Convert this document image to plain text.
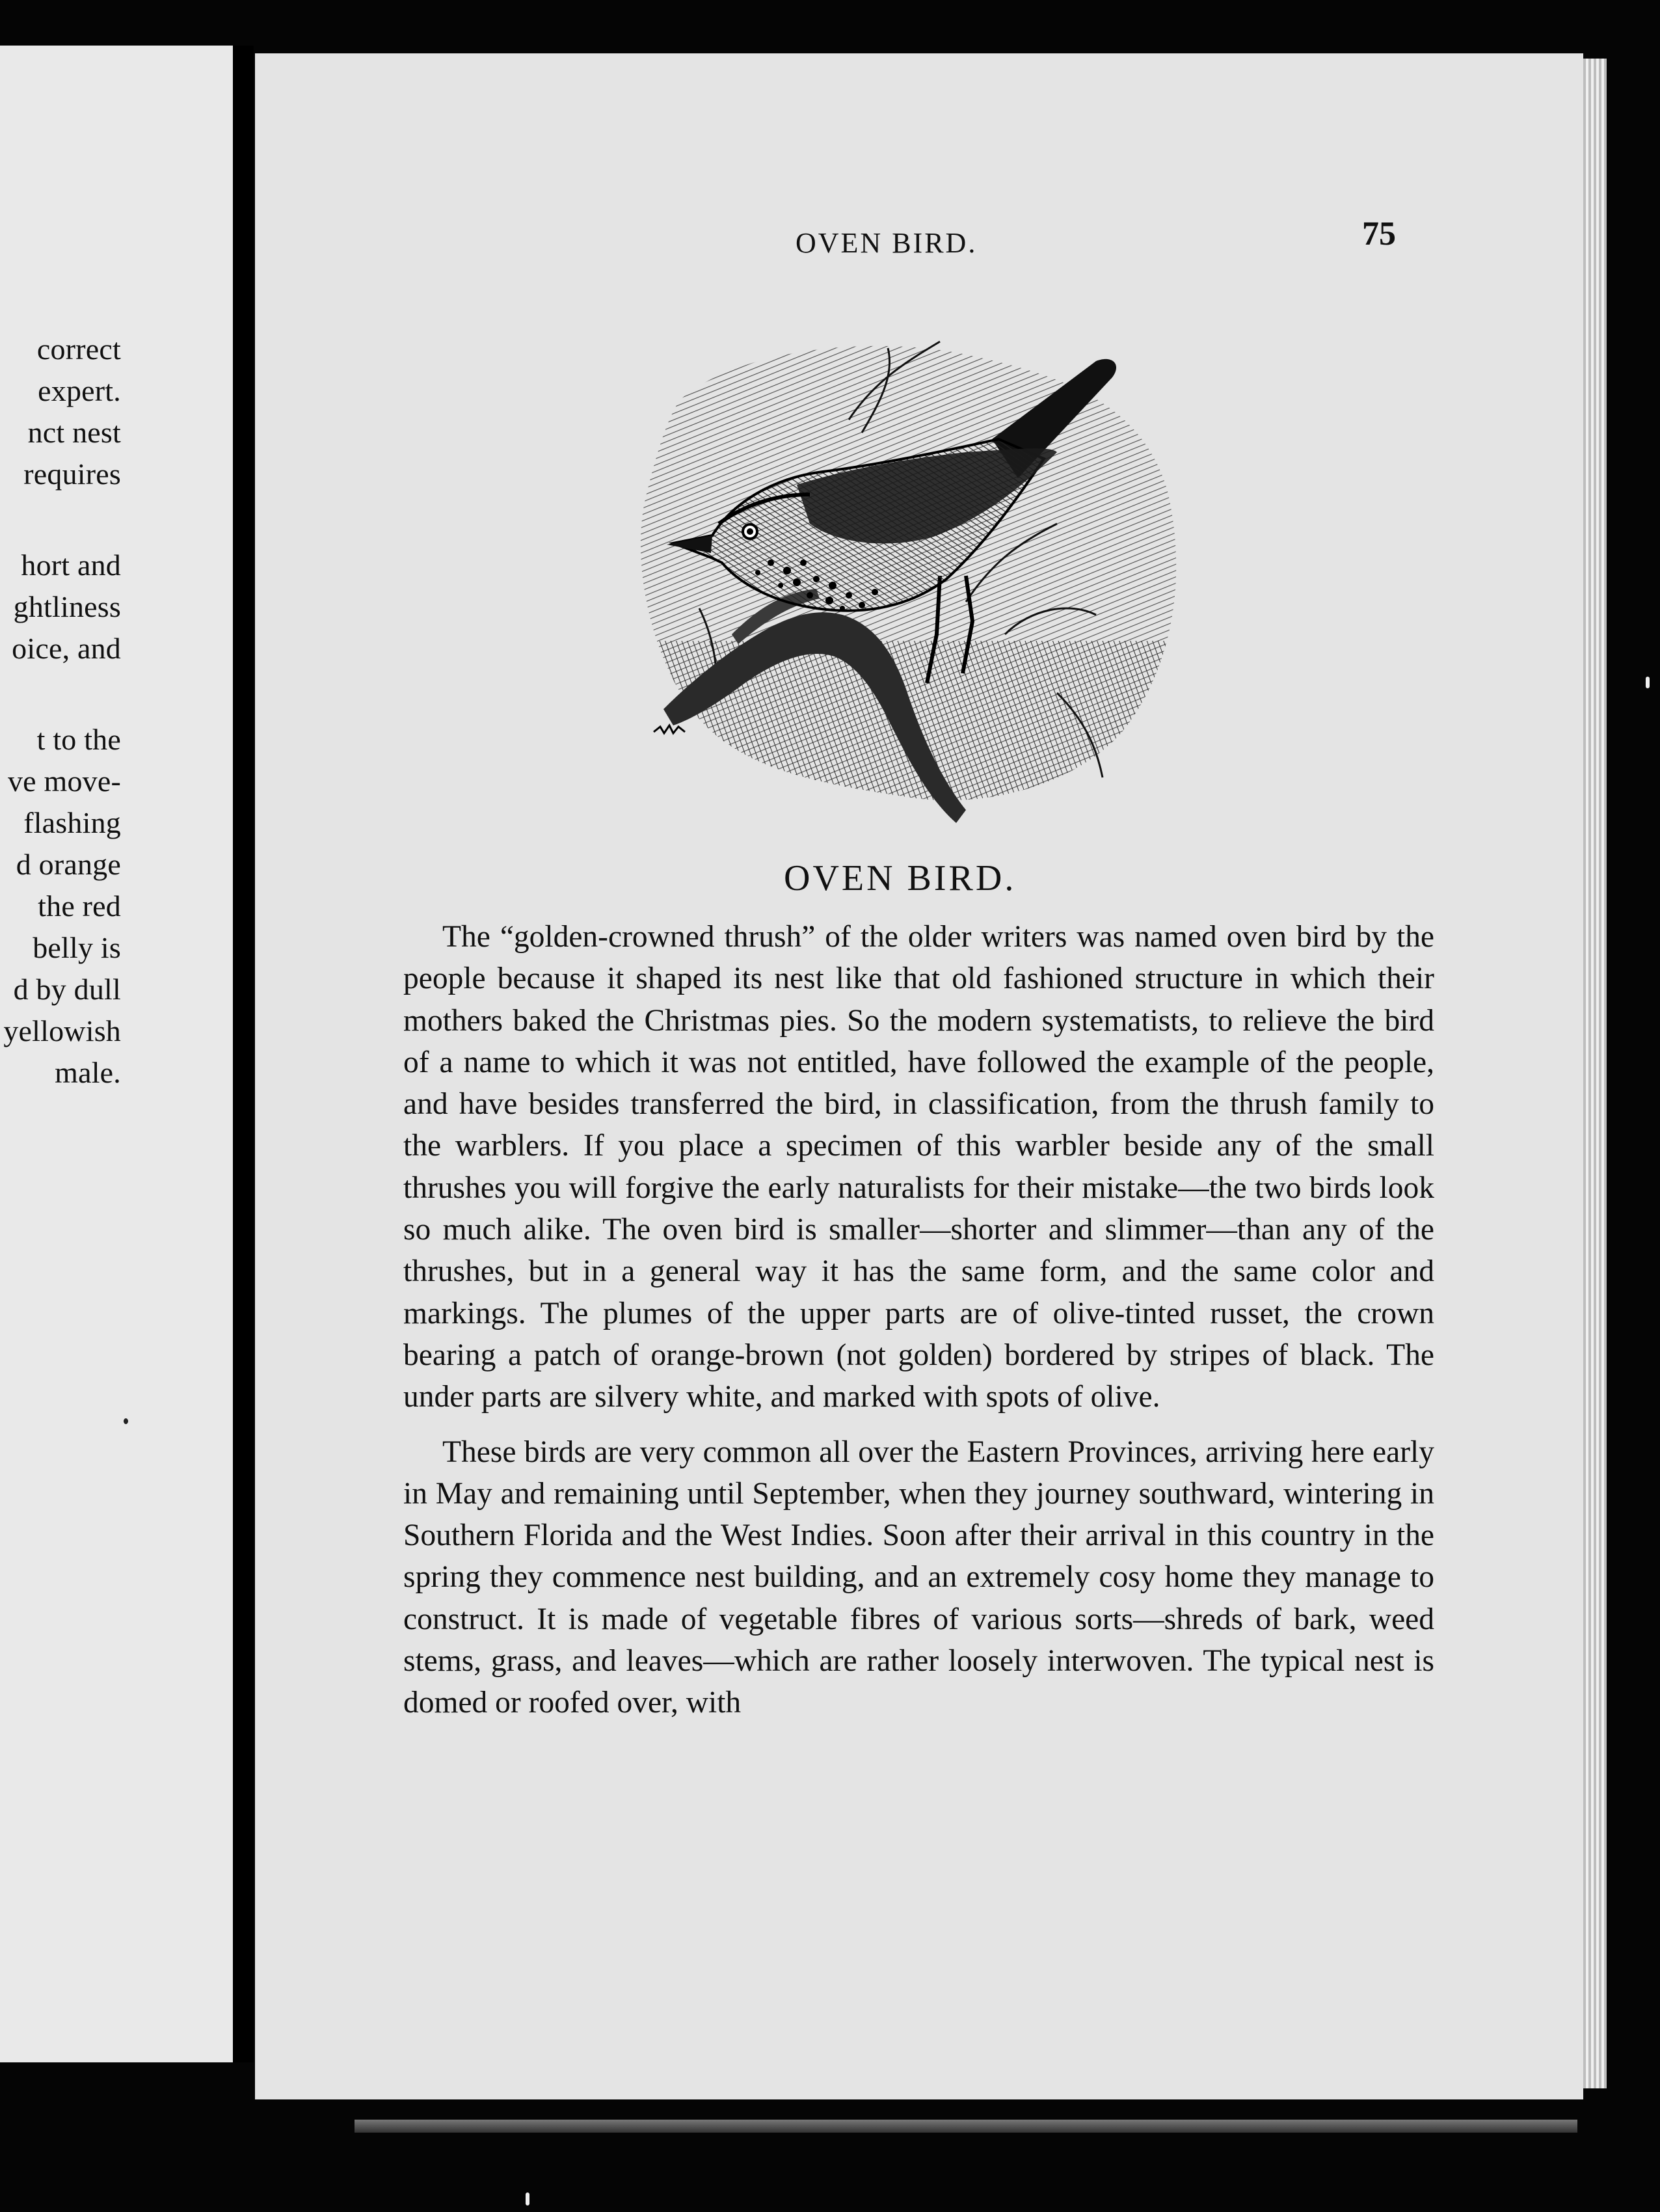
correct
expert.
nct nest
requires
hort and
ghtliness
oice, and
t to the
ve move-
flashing
d orange
the red
belly is
d by dull
yellowish
male.
OVEN BIRD.	75
OVEN BIRD.

The “golden-crowned thrush” of the older writers was named oven bird by the people because it shaped its nest like that old fashioned structure in which their mothers baked the Christmas pies. So the modern systematists, to relieve the bird of a name to which it was not entitled, have followed the example of the people, and have besides transferred the bird, in classification, from the thrush family to the warblers. If you place a specimen of this warbler beside any of the small thrushes you will forgive the early naturalists for their mistake—the two birds look so much alike. The oven bird is smaller—shorter and slimmer—than any of the thrushes, but in a general way it has the same form, and the same color and markings. The plumes of the upper parts are of olive-tinted russet, the crown bearing a patch of orange-brown (not golden) bordered by stripes of black. The under parts are silvery white, and marked with spots of olive.

These birds are very common all over the Eastern Provinces, arriving here early in May and remaining until September, when they journey southward, wintering in Southern Florida and the West Indies. Soon after their arrival in this country in the spring they commence nest building, and an extremely cosy home they manage to construct. It is made of vegetable fibres of various sorts—shreds of bark, weed stems, grass, and leaves—which are rather loosely interwoven. The typical nest is domed or roofed over, with
